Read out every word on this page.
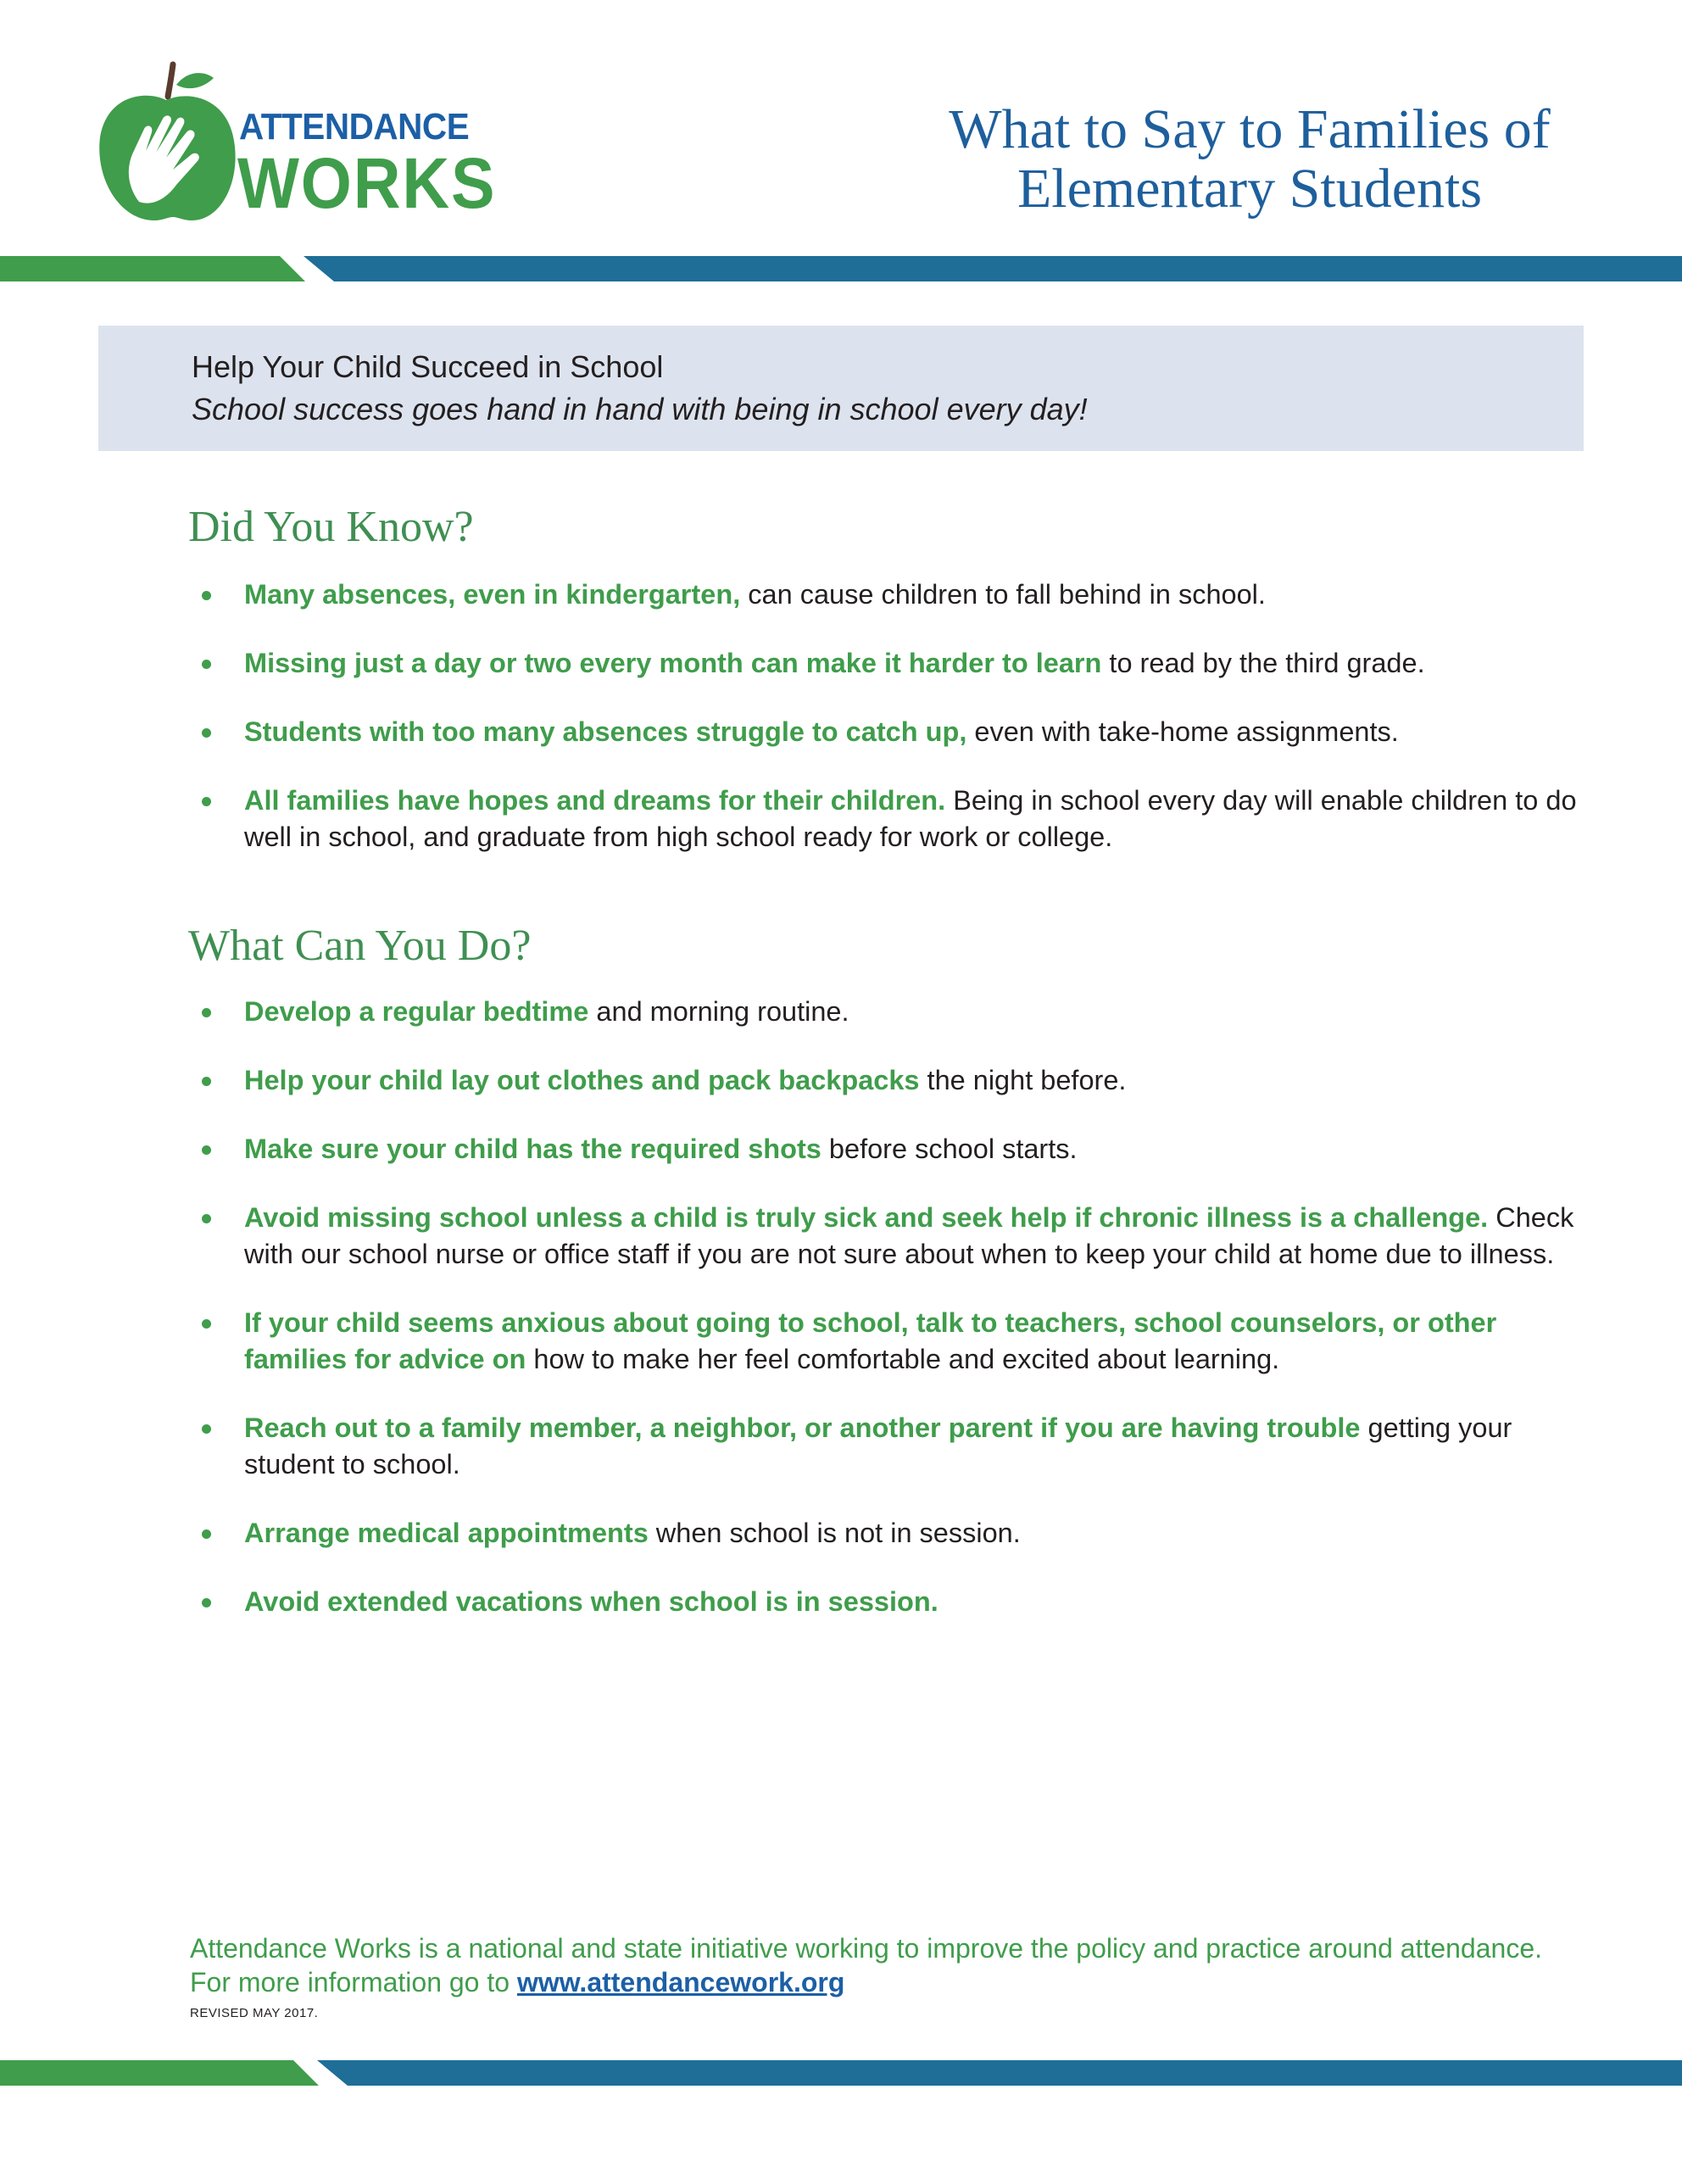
ATTENDANCE
WORKS
What to Say to Families of
Elementary Students
Help Your Child Succeed in School
School success goes hand in hand with being in school every day!
Did You Know?
Many absences, even in kindergarten, can cause children to fall behind in school.
Missing just a day or two every month can make it harder to learn to read by the third grade.
Students with too many absences struggle to catch up, even with take-home assignments.
All families have hopes and dreams for their children. Being in school every day will enable children to do well in school, and graduate from high school ready for work or college.
What Can You Do?
Develop a regular bedtime and morning routine.
Help your child lay out clothes and pack backpacks the night before.
Make sure your child has the required shots before school starts.
Avoid missing school unless a child is truly sick and seek help if chronic illness is a challenge. Check with our school nurse or office staff if you are not sure about when to keep your child at home due to illness.
If your child seems anxious about going to school, talk to teachers, school counselors, or other families for advice on how to make her feel comfortable and excited about learning.
Reach out to a family member, a neighbor, or another parent if you are having trouble getting your student to school.
Arrange medical appointments when school is not in session.
Avoid extended vacations when school is in session.
Attendance Works is a national and state initiative working to improve the policy and practice around attendance.
For more information go to www.attendancework.org
REVISED MAY 2017.
